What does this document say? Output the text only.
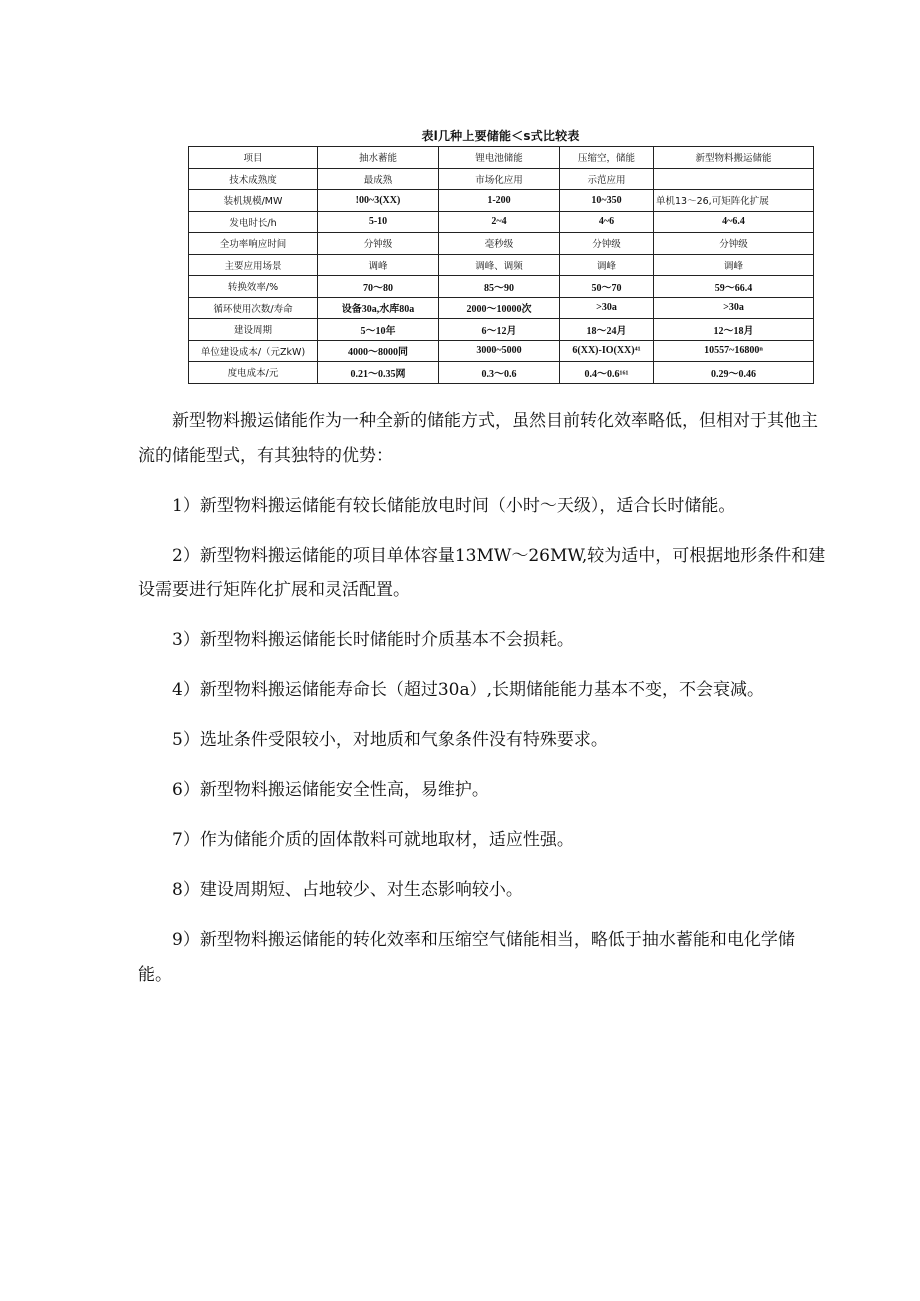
表l几种上要储能＜s式比较表
项目	抽水蓄能	锂电池储能	压缩空，储能	新型物料搬运储能
技术成熟度	最成熟	市场化应用	示范应用	
装机规模/MW	!00~3(XX)	1-200	10~350	单机13～26,可矩阵化扩展
发电时长/h	5-10	2~4	4~6	4~6.4
全功率响应时间	分钟级	毫秒级	分钟级	分钟级
主要应用场景	调峰	调峰、调频	调峰	调峰
转换效率/%	70～80	85～90	50～70	59～66.4
循环使用次数/寿命	设备30a,水库80a	2000～10000次	>30a	>30a
建设周期	5～10年	6～12月	18～24月	12～18月
单位建设成本/（元ZkW)	4000～8000同	3000~5000	6(XX)-IO(XX)⁴¹	10557~16800ⁿ
度电成本/元	0.21～0.35网	0.3～0.6	0.4～0.6¹⁶¹	0.29～0.46

新型物料搬运储能作为一种全新的储能方式，虽然目前转化效率略低，但相对于其他主流的储能型式，有其独特的优势：

1）新型物料搬运储能有较长储能放电时间（小时～天级），适合长时储能。

2）新型物料搬运储能的项目单体容量13MW～26MW,较为适中，可根据地形条件和建设需要进行矩阵化扩展和灵活配置。

3）新型物料搬运储能长时储能时介质基本不会损耗。

4）新型物料搬运储能寿命长（超过30a）,长期储能能力基本不变，不会衰减。

5）选址条件受限较小，对地质和气象条件没有特殊要求。

6）新型物料搬运储能安全性高，易维护。

7）作为储能介质的固体散料可就地取材，适应性强。

8）建设周期短、占地较少、对生态影响较小。

9）新型物料搬运储能的转化效率和压缩空气储能相当，略低于抽水蓄能和电化学储能。
